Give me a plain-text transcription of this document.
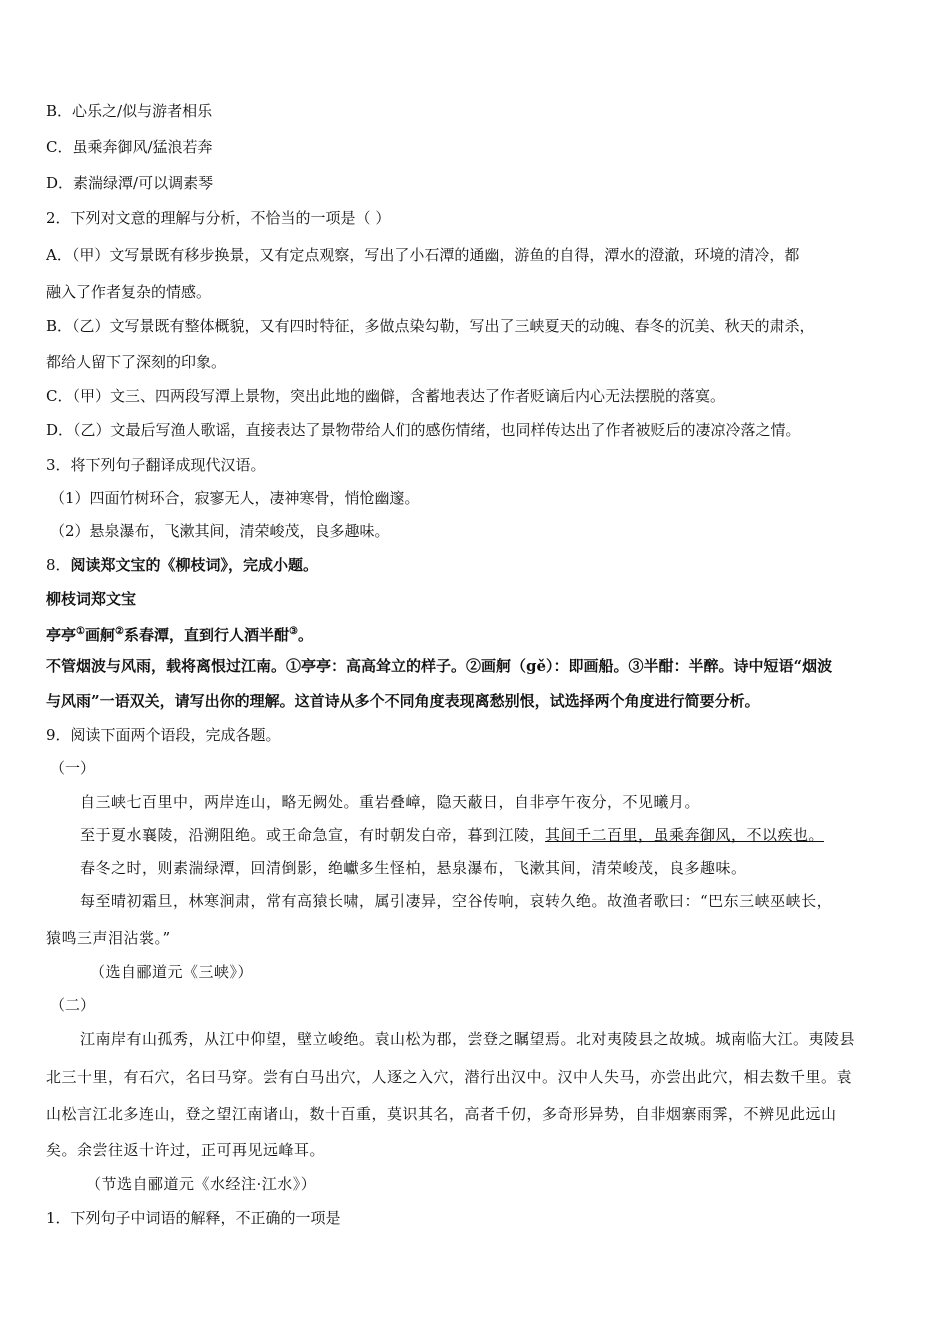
B．心乐之/似与游者相乐
C．虽乘奔御风/猛浪若奔
D．素湍绿潭/可以调素琴
2．下列对文意的理解与分析，不恰当的一项是（ ）
A．（甲）文写景既有移步换景，又有定点观察，写出了小石潭的通幽，游鱼的自得，潭水的澄澈，环境的清冷，都
融入了作者复杂的情感。
B．（乙）文写景既有整体概貌，又有四时特征，多做点染勾勒，写出了三峡夏天的动魄、春冬的沉美、秋天的肃杀，
都给人留下了深刻的印象。
C．（甲）文三、四两段写潭上景物，突出此地的幽僻，含蓄地表达了作者贬谪后内心无法摆脱的落寞。
D．（乙）文最后写渔人歌谣，直接表达了景物带给人们的感伤情绪，也同样传达出了作者被贬后的凄凉冷落之情。
3．将下列句子翻译成现代汉语。
（1）四面竹树环合，寂寥无人，凄神寒骨，悄怆幽邃。
（2）悬泉瀑布，飞漱其间，清荣峻茂，良多趣味。
8．阅读郑文宝的《柳枝词》，完成小题。
柳枝词郑文宝
亭亭①画舸②系春潭，直到行人酒半酣③。
不管烟波与风雨，载将离恨过江南。①亭亭：高高耸立的样子。②画舸（gě）：即画船。③半酣：半醉。诗中短语“烟波
与风雨”一语双关，请写出你的理解。这首诗从多个不同角度表现离愁别恨，试选择两个角度进行简要分析。
9．阅读下面两个语段，完成各题。
（一）
自三峡七百里中，两岸连山，略无阙处。重岩叠嶂，隐天蔽日，自非亭午夜分，不见曦月。
至于夏水襄陵，沿溯阻绝。或王命急宣，有时朝发白帝，暮到江陵，其间千二百里，虽乘奔御风，不以疾也。
春冬之时，则素湍绿潭，回清倒影，绝巘多生怪柏，悬泉瀑布，飞漱其间，清荣峻茂，良多趣味。
每至晴初霜旦，林寒涧肃，常有高猿长啸，属引凄异，空谷传响，哀转久绝。故渔者歌曰：“巴东三峡巫峡长，
猿鸣三声泪沾裳。”
（选自郦道元《三峡》）
（二）
江南岸有山孤秀，从江中仰望，壁立峻绝。袁山松为郡，尝登之瞩望焉。北对夷陵县之故城。城南临大江。夷陵县
北三十里，有石穴，名曰马穿。尝有白马出穴，人逐之入穴，潜行出汉中。汉中人失马，亦尝出此穴，相去数千里。袁
山松言江北多连山，登之望江南诸山，数十百重，莫识其名，高者千仞，多奇形异势，自非烟寨雨霁，不辨见此远山
矣。余尝往返十许过，正可再见远峰耳。
（节选自郦道元《水经注·江水》）
1．下列句子中词语的解释，不正确的一项是
